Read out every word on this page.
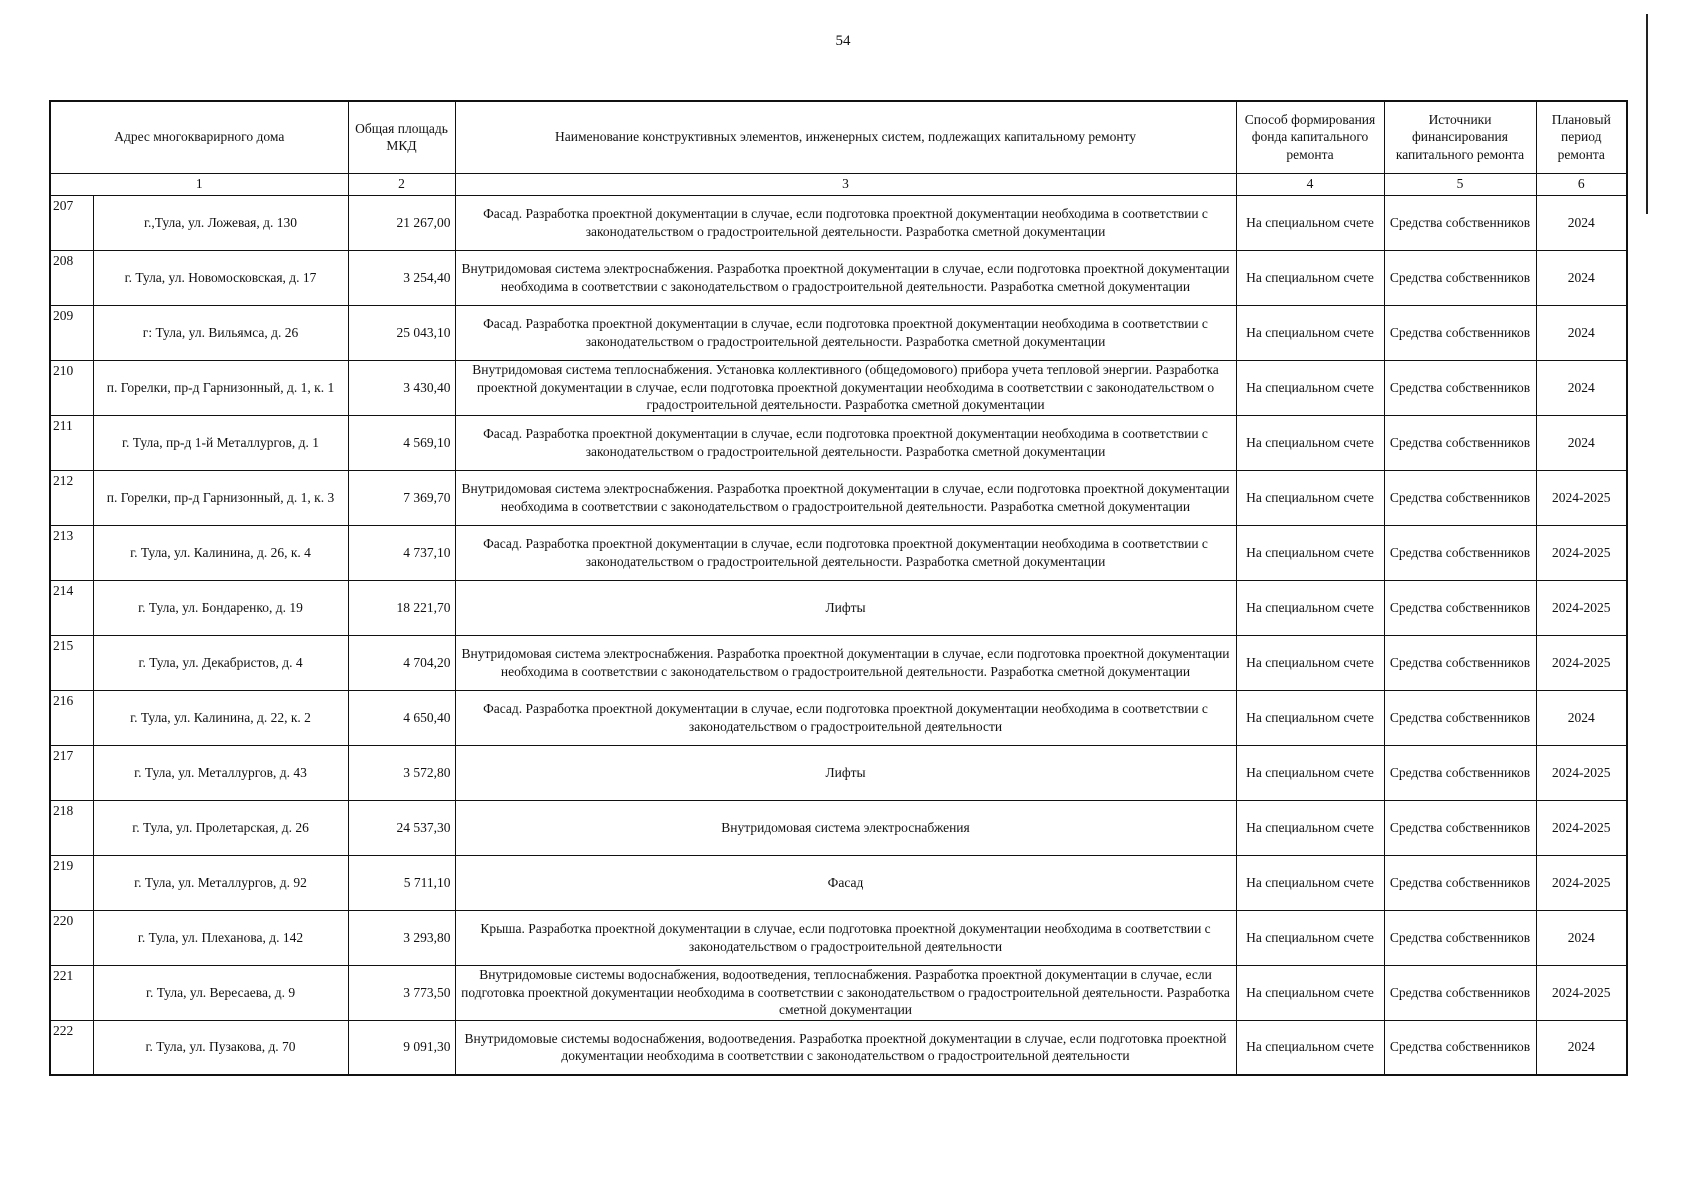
54
Адрес многокварирного дома		Общая площадь МКД	Наименование конструктивных элементов, инженерных систем, подлежащих капитальному ремонту	Способ формирования фонда капитального ремонта	Источники финансирования капитального ремонта	Плановый период ремонта
1		2	3	4	5	6
207	г.,Тула, ул. Ложевая, д. 130	21 267,00	Фасад. Разработка проектной документации в случае, если подготовка проектной документации необходима в соответствии с законодательством о градостроительной деятельности. Разработка сметной документации	На специальном счете	Средства собственников	2024
208	г. Тула, ул. Новомосковская, д. 17	3 254,40	Внутридомовая система электроснабжения. Разработка проектной документации в случае, если подготовка проектной документации необходима в соответствии с законодательством о градостроительной деятельности. Разработка сметной документации	На специальном счете	Средства собственников	2024
209	г: Тула, ул. Вильямса, д. 26	25 043,10	Фасад. Разработка проектной документации в случае, если подготовка проектной документации необходима в соответствии с законодательством о градостроительной деятельности. Разработка сметной документации	На специальном счете	Средства собственников	2024
210	п. Горелки, пр-д Гарнизонный, д. 1, к. 1	3 430,40	Внутридомовая система теплоснабжения. Установка коллективного (общедомового) прибора учета тепловой энергии. Разработка проектной документации в случае, если подготовка проектной документации необходима в соответствии с законодательством о градостроительной деятельности. Разработка сметной документации	На специальном счете	Средства собственников	2024
211	г. Тула, пр-д 1-й Металлургов, д. 1	4 569,10	Фасад. Разработка проектной документации в случае, если подготовка проектной документации необходима в соответствии с законодательством о градостроительной деятельности. Разработка сметной документации	На специальном счете	Средства собственников	2024
212	п. Горелки, пр-д Гарнизонный, д. 1, к. 3	7 369,70	Внутридомовая система электроснабжения. Разработка проектной документации в случае, если подготовка проектной документации необходима в соответствии с законодательством о градостроительной деятельности. Разработка сметной документации	На специальном счете	Средства собственников	2024-2025
213	г. Тула, ул. Калинина, д. 26, к. 4	4 737,10	Фасад. Разработка проектной документации в случае, если подготовка проектной документации необходима в соответствии с законодательством о градостроительной деятельности. Разработка сметной документации	На специальном счете	Средства собственников	2024-2025
214	г. Тула, ул. Бондаренко, д. 19	18 221,70	Лифты	На специальном счете	Средства собственников	2024-2025
215	г. Тула, ул. Декабристов, д. 4	4 704,20	Внутридомовая система электроснабжения. Разработка проектной документации в случае, если подготовка проектной документации необходима в соответствии с законодательством о градостроительной деятельности. Разработка сметной документации	На специальном счете	Средства собственников	2024-2025
216	г. Тула, ул. Калинина, д. 22, к. 2	4 650,40	Фасад. Разработка проектной документации в случае, если подготовка проектной документации необходима в соответствии с законодательством о градостроительной деятельности	На специальном счете	Средства собственников	2024
217	г. Тула, ул. Металлургов, д. 43	3 572,80	Лифты	На специальном счете	Средства собственников	2024-2025
218	г. Тула, ул. Пролетарская, д. 26	24 537,30	Внутридомовая система электроснабжения	На специальном счете	Средства собственников	2024-2025
219	г. Тула, ул. Металлургов, д. 92	5 711,10	Фасад	На специальном счете	Средства собственников	2024-2025
220	г. Тула, ул. Плеханова, д. 142	3 293,80	Крыша. Разработка проектной документации в случае, если подготовка проектной документации необходима в соответствии с законодательством о градостроительной деятельности	На специальном счете	Средства собственников	2024
221	г. Тула, ул. Вересаева, д. 9	3 773,50	Внутридомовые системы водоснабжения, водоотведения, теплоснабжения. Разработка проектной документации в случае, если подготовка проектной документации необходима в соответствии с законодательством о градостроительной деятельности. Разработка сметной документации	На специальном счете	Средства собственников	2024-2025
222	г. Тула, ул. Пузакова, д. 70	9 091,30	Внутридомовые системы водоснабжения, водоотведения. Разработка проектной документации в случае, если подготовка проектной документации необходима в соответствии с законодательством о градостроительной деятельности	На специальном счете	Средства собственников	2024
